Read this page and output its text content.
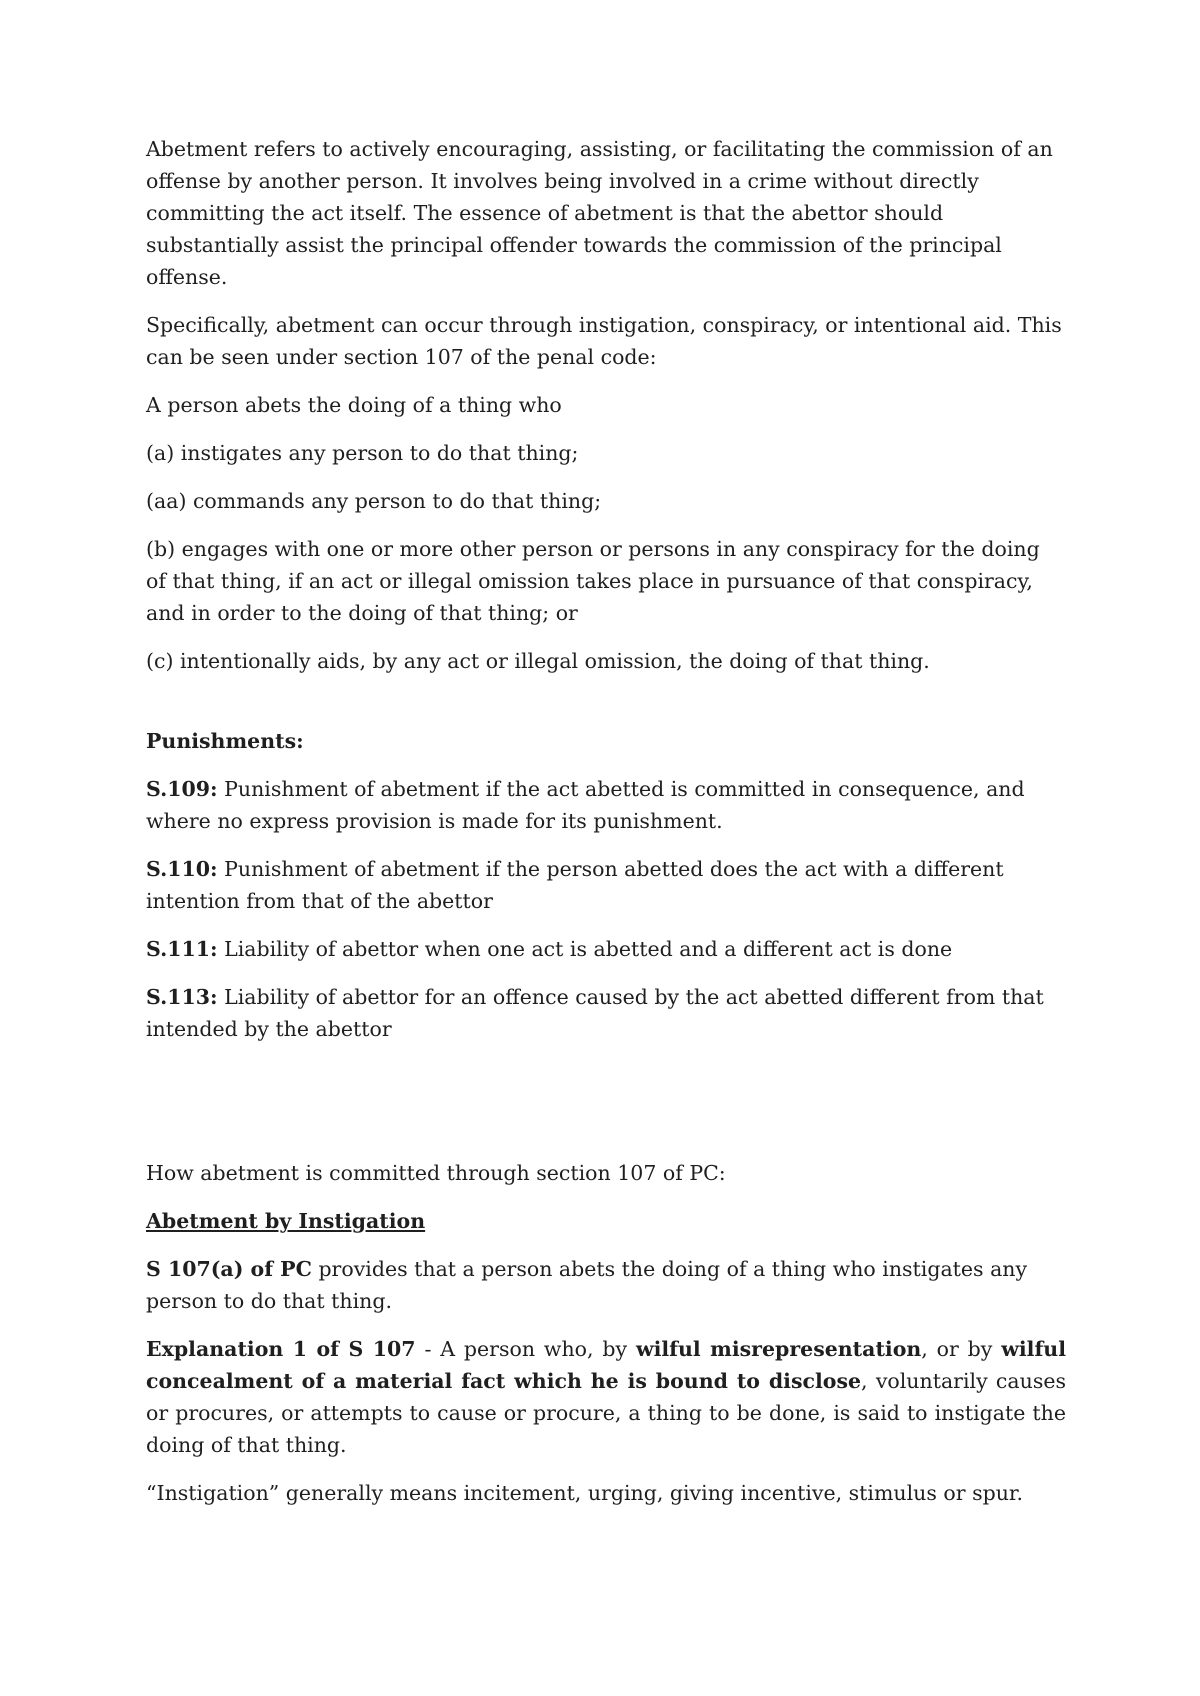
Abetment refers to actively encouraging, assisting, or facilitating the commission of an offense by another person. It involves being involved in a crime without directly committing the act itself. The essence of abetment is that the abettor should substantially assist the principal offender towards the commission of the principal offense.

Specifically, abetment can occur through instigation, conspiracy, or intentional aid. This can be seen under section 107 of the penal code:

A person abets the doing of a thing who

(a) instigates any person to do that thing;

(aa) commands any person to do that thing;

(b) engages with one or more other person or persons in any conspiracy for the doing of that thing, if an act or illegal omission takes place in pursuance of that conspiracy, and in order to the doing of that thing; or

(c) intentionally aids, by any act or illegal omission, the doing of that thing.

Punishments:

S.109: Punishment of abetment if the act abetted is committed in consequence, and where no express provision is made for its punishment.

S.110: Punishment of abetment if the person abetted does the act with a different intention from that of the abettor

S.111: Liability of abettor when one act is abetted and a different act is done

S.113: Liability of abettor for an offence caused by the act abetted different from that intended by the abettor

How abetment is committed through section 107 of PC:

Abetment by Instigation

S 107(a) of PC provides that a person abets the doing of a thing who instigates any person to do that thing.

Explanation 1 of S 107 - A person who, by wilful misrepresentation, or by wilful concealment of a material fact which he is bound to disclose, voluntarily causes or procures, or attempts to cause or procure, a thing to be done, is said to instigate the doing of that thing.

“Instigation” generally means incitement, urging, giving incentive, stimulus or spur.
